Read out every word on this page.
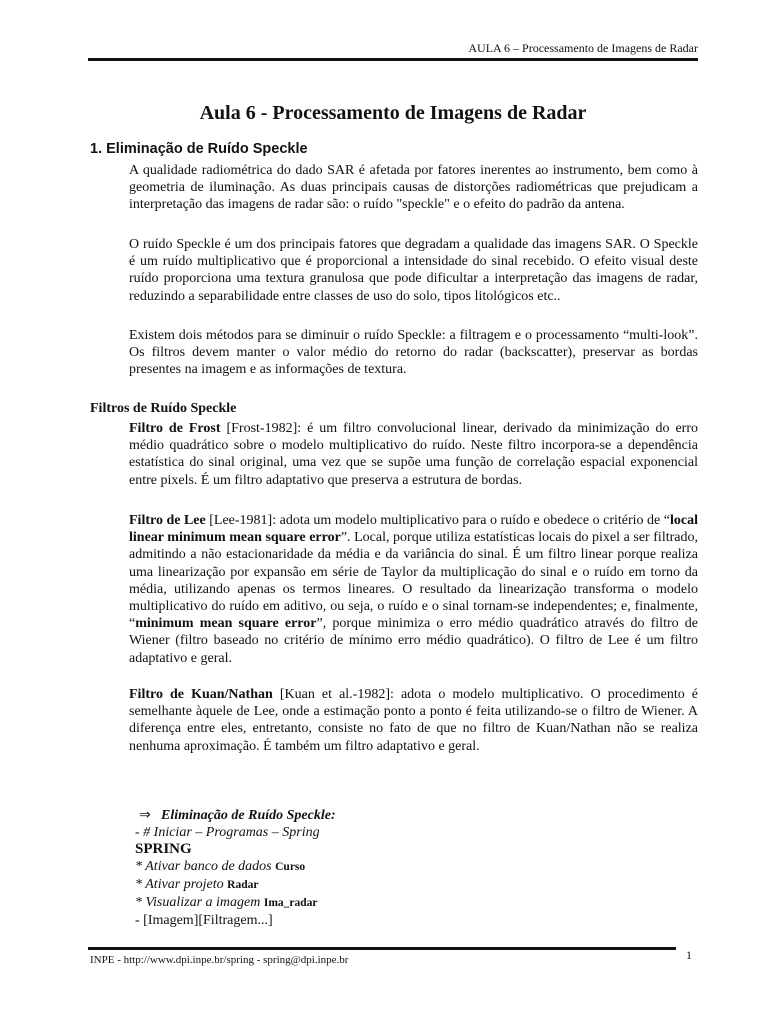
AULA 6 – Processamento de Imagens de Radar
Aula 6 - Processamento de Imagens de Radar
1. Eliminação de Ruído Speckle

A qualidade radiométrica do dado SAR é afetada por fatores inerentes ao instrumento, bem como à geometria de iluminação. As duas principais causas de distorções radiométricas que prejudicam a interpretação das imagens de radar são: o ruído "speckle" e o efeito do padrão da antena.

O ruído Speckle é um dos principais fatores que degradam a qualidade das imagens SAR. O Speckle é um ruído multiplicativo que é proporcional a intensidade do sinal recebido. O efeito visual deste ruído proporciona uma textura granulosa que pode dificultar a interpretação das imagens de radar, reduzindo a separabilidade entre classes de uso do solo, tipos litológicos etc..

Existem dois métodos para se diminuir o ruído Speckle: a filtragem e o processamento “multi-look”. Os filtros devem manter o valor médio do retorno do radar (backscatter), preservar as bordas presentes na imagem e as informações de textura.

Filtros de Ruído Speckle

Filtro de Frost [Frost-1982]: é um filtro convolucional linear, derivado da minimização do erro médio quadrático sobre o modelo multiplicativo do ruído. Neste filtro incorpora-se a dependência estatística do sinal original, uma vez que se supõe uma função de correlação espacial exponencial entre pixels. É um filtro adaptativo que preserva a estrutura de bordas.

Filtro de Lee [Lee-1981]: adota um modelo multiplicativo para o ruído e obedece o critério de “local linear minimum mean square error”. Local, porque utiliza estatísticas locais do pixel a ser filtrado, admitindo a não estacionaridade da média e da variância do sinal. É um filtro linear porque realiza uma linearização por expansão em série de Taylor da multiplicação do sinal e o ruído em torno da média, utilizando apenas os termos lineares. O resultado da linearização transforma o modelo multiplicativo do ruído em aditivo, ou seja, o ruído e o sinal tornam-se independentes; e, finalmente, “minimum mean square error”, porque minimiza o erro médio quadrático através do filtro de Wiener (filtro baseado no critério de mínimo erro médio quadrático). O filtro de Lee é um filtro adaptativo e geral.

Filtro de Kuan/Nathan [Kuan et al.-1982]: adota o modelo multiplicativo. O procedimento é semelhante àquele de Lee, onde a estimação ponto a ponto é feita utilizando-se o filtro de Wiener. A diferença entre eles, entretanto, consiste no fato de que no filtro de Kuan/Nathan não se realiza nenhuma aproximação. É também um filtro adaptativo e geral.

⇒ Eliminação de Ruído Speckle:
- # Iniciar – Programas – Spring
SPRING
* Ativar banco de dados Curso
* Ativar projeto Radar
* Visualizar a imagem Ima_radar
- [Imagem][Filtragem...]
INPE - http://www.dpi.inpe.br/spring - spring@dpi.inpe.br	1
